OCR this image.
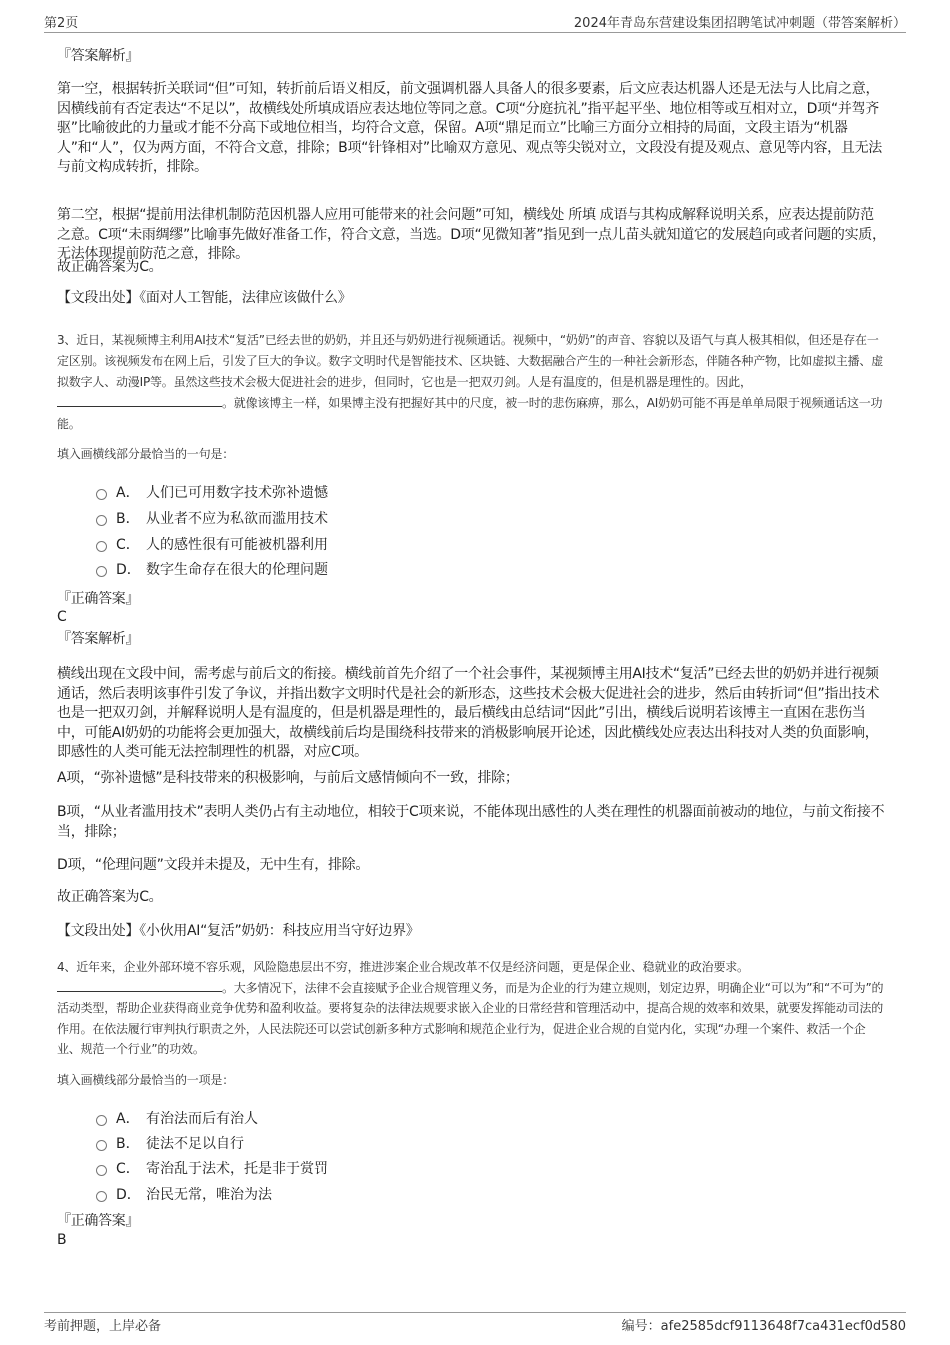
第2页	2024年青岛东营建设集团招聘笔试冲刺题（带答案解析）
『答案解析』
第一空，根据转折关联词“但”可知，转折前后语义相反，前文强调机器人具备人的很多要素，后文应表达机器人还是无法与人比肩之意，因横线前有否定表达“不足以”，故横线处所填成语应表达地位等同之意。C项“分庭抗礼”指平起平坐、地位相等或互相对立，D项“并驾齐驱”比喻彼此的力量或才能不分高下或地位相当，均符合文意，保留。A项“鼎足而立”比喻三方面分立相持的局面，文段主语为“机器人”和“人”，仅为两方面，不符合文意，排除；B项“针锋相对”比喻双方意见、观点等尖锐对立，文段没有提及观点、意见等内容，且无法与前文构成转折，排除。
第二空，根据“提前用法律机制防范因机器人应用可能带来的社会问题”可知，横线处 所填 成语与其构成解释说明关系，应表达提前防范之意。C项“未雨绸缪”比喻事先做好准备工作，符合文意，当选。D项“见微知著”指见到一点儿苗头就知道它的发展趋向或者问题的实质，无法体现提前防范之意，排除。
故正确答案为C。
【文段出处】《面对人工智能，法律应该做什么》
3、近日，某视频博主利用AI技术“复活”已经去世的奶奶，并且还与奶奶进行视频通话。视频中，“奶奶”的声音、容貌以及语气与真人极其相似，但还是存在一定区别。该视频发布在网上后，引发了巨大的争议。数字文明时代是智能技术、区块链、大数据融合产生的一种社会新形态，伴随各种产物，比如虚拟主播、虚拟数字人、动漫IP等。虽然这些技术会极大促进社会的进步，但同时，它也是一把双刃剑。人是有温度的，但是机器是理性的。因此，。就像该博主一样，如果博主没有把握好其中的尺度，被一时的悲伤麻痹，那么，AI奶奶可能不再是单单局限于视频通话这一功能。
填入画横线部分最恰当的一句是：
A． 人们已可用数字技术弥补遗憾
B． 从业者不应为私欲而滥用技术
C． 人的感性很有可能被机器利用
D． 数字生命存在很大的伦理问题
『正确答案』
C
『答案解析』
横线出现在文段中间，需考虑与前后文的衔接。横线前首先介绍了一个社会事件，某视频博主用AI技术“复活”已经去世的奶奶并进行视频通话，然后表明该事件引发了争议，并指出数字文明时代是社会的新形态，这些技术会极大促进社会的进步，然后由转折词“但”指出技术也是一把双刃剑，并解释说明人是有温度的，但是机器是理性的，最后横线由总结词“因此”引出，横线后说明若该博主一直困在悲伤当中，可能AI奶奶的功能将会更加强大，故横线前后均是围绕科技带来的消极影响展开论述，因此横线处应表达出科技对人类的负面影响，即感性的人类可能无法控制理性的机器，对应C项。
A项，“弥补遗憾”是科技带来的积极影响，与前后文感情倾向不一致，排除；
B项，“从业者滥用技术”表明人类仍占有主动地位，相较于C项来说，不能体现出感性的人类在理性的机器面前被动的地位，与前文衔接不当，排除；
D项，“伦理问题”文段并未提及，无中生有，排除。
故正确答案为C。
【文段出处】《小伙用AI“复活”奶奶：科技应用当守好边界》
4、近年来，企业外部环境不容乐观，风险隐患层出不穷，推进涉案企业合规改革不仅是经济问题，更是保企业、稳就业的政治要求。
。大多情况下，法律不会直接赋予企业合规管理义务，而是为企业的行为建立规则，划定边界，明确企业“可以为”和“不可为”的活动类型，帮助企业获得商业竞争优势和盈利收益。要将复杂的法律法规要求嵌入企业的日常经营和管理活动中，提高合规的效率和效果，就要发挥能动司法的作用。在依法履行审判执行职责之外，人民法院还可以尝试创新多种方式影响和规范企业行为，促进企业合规的自觉内化，实现“办理一个案件、救活一个企业、规范一个行业”的功效。
填入画横线部分最恰当的一项是：
A． 有治法而后有治人
B． 徒法不足以自行
C． 寄治乱于法术，托是非于赏罚
D． 治民无常，唯治为法
『正确答案』
B
考前押题，上岸必备	编号：afe2585dcf9113648f7ca431ecf0d580
